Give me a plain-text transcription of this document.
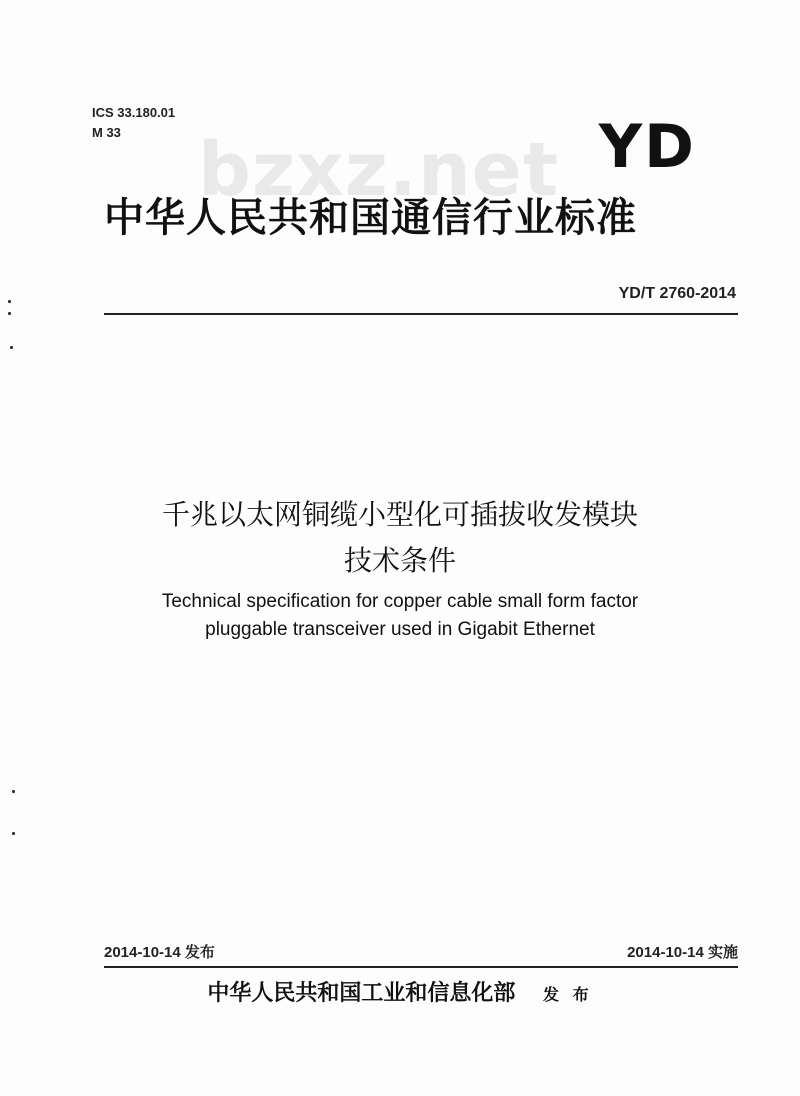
ICS 33.180.01
M 33	bzxz.net YD
中华人民共和国通信行业标准
YD/T 2760-2014
千兆以太网铜缆小型化可插拔收发模块
技术条件
Technical specification for copper cable small form factor
pluggable transceiver used in Gigabit Ethernet
2014-10-14 发布	2014-10-14 实施
中华人民共和国工业和信息化部 发 布
